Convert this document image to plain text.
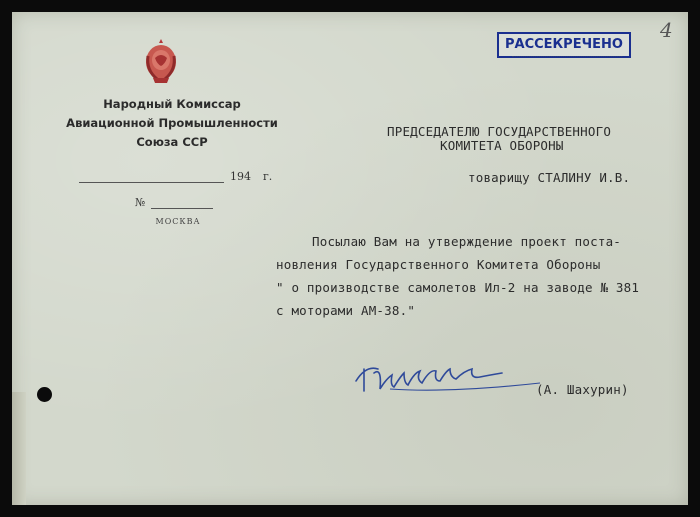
Народный Комиссар
Авиационной Промышленности
Союза ССР
194 г.
№
МОСКВА
РАССЕКРЕЧЕНО
4
ПРЕДСЕДАТЕЛЮ ГОСУДАРСТВЕННОГО
КОМИТЕТА ОБОРОНЫ
товарищу СТАЛИНУ И.В.
Посылаю Вам на утверждение проект поста-
новления Государственного Комитета Обороны
" о производстве самолетов Ил-2 на заводе № 381
с моторами АМ-38."
(А. Шахурин)
